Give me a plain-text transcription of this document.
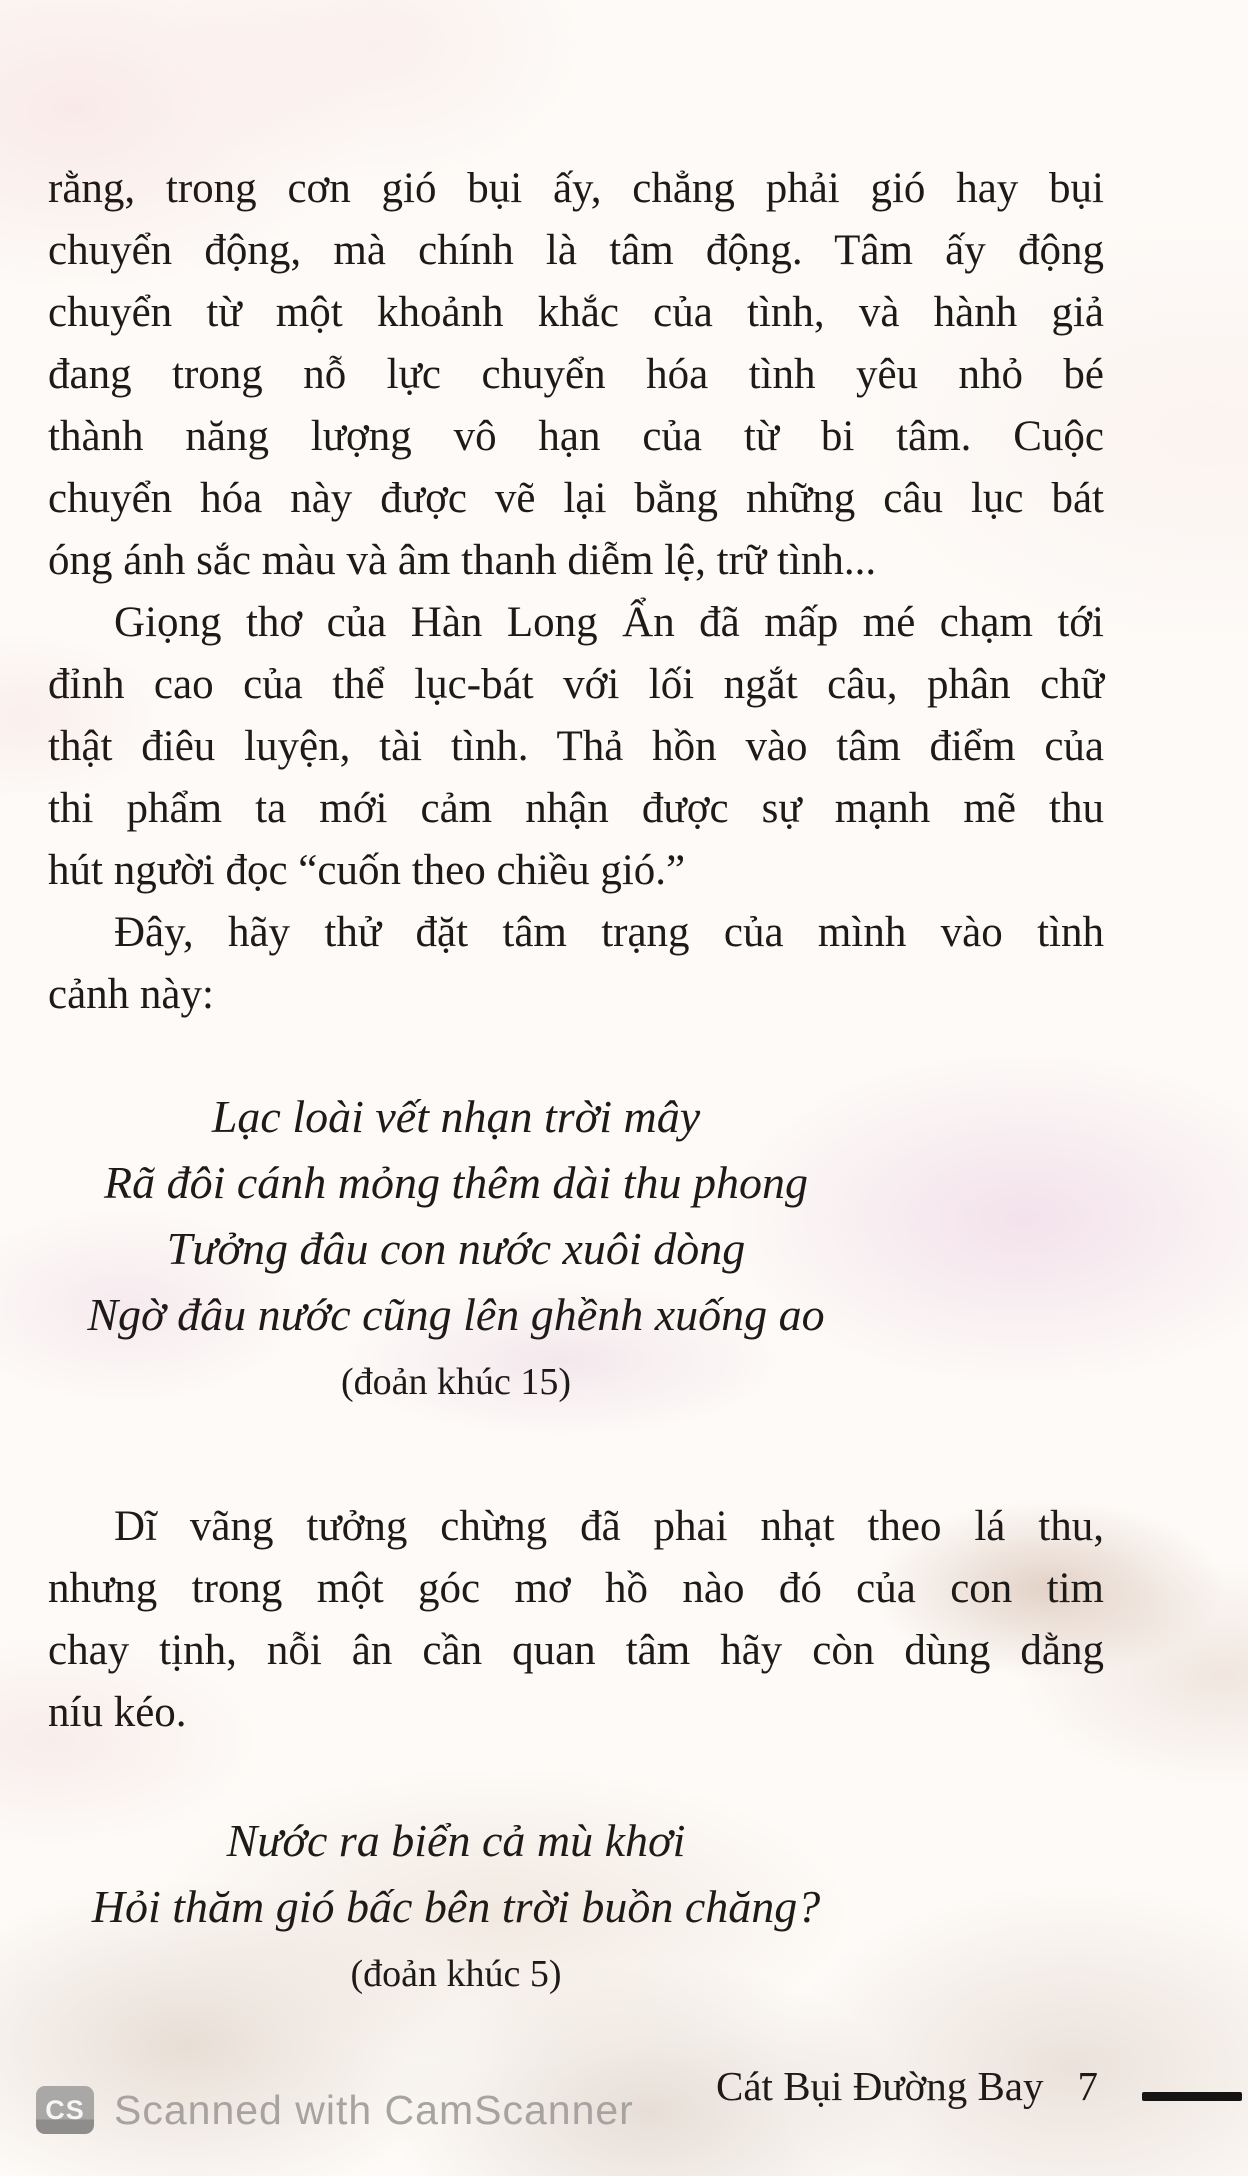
rằng, trong cơn gió bụi ấy, chẳng phải gió hay bụi
chuyển động, mà chính là tâm động. Tâm ấy động
chuyển từ một khoảnh khắc của tình, và hành giả
đang trong nỗ lực chuyển hóa tình yêu nhỏ bé
thành năng lượng vô hạn của từ bi tâm. Cuộc
chuyển hóa này được vẽ lại bằng những câu lục bát
óng ánh sắc màu và âm thanh diễm lệ, trữ tình...
Giọng thơ của Hàn Long Ẩn đã mấp mé chạm tới
đỉnh cao của thể lục-bát với lối ngắt câu, phân chữ
thật điêu luyện, tài tình. Thả hồn vào tâm điểm của
thi phẩm ta mới cảm nhận được sự mạnh mẽ thu
hút người đọc “cuốn theo chiều gió.”
Đây, hãy thử đặt tâm trạng của mình vào tình
cảnh này:
Lạc loài vết nhạn trời mây
Rã đôi cánh mỏng thêm dài thu phong
Tưởng đâu con nước xuôi dòng
Ngờ đâu nước cũng lên ghềnh xuống ao
(đoản khúc 15)
Dĩ vãng tưởng chừng đã phai nhạt theo lá thu,
nhưng trong một góc mơ hồ nào đó của con tim
chay tịnh, nỗi ân cần quan tâm hãy còn dùng dằng
níu kéo.
Nước ra biển cả mù khơi
Hỏi thăm gió bấc bên trời buồn chăng?
(đoản khúc 5)
Cát Bụi Đường Bay 7
CS Scanned with CamScanner
